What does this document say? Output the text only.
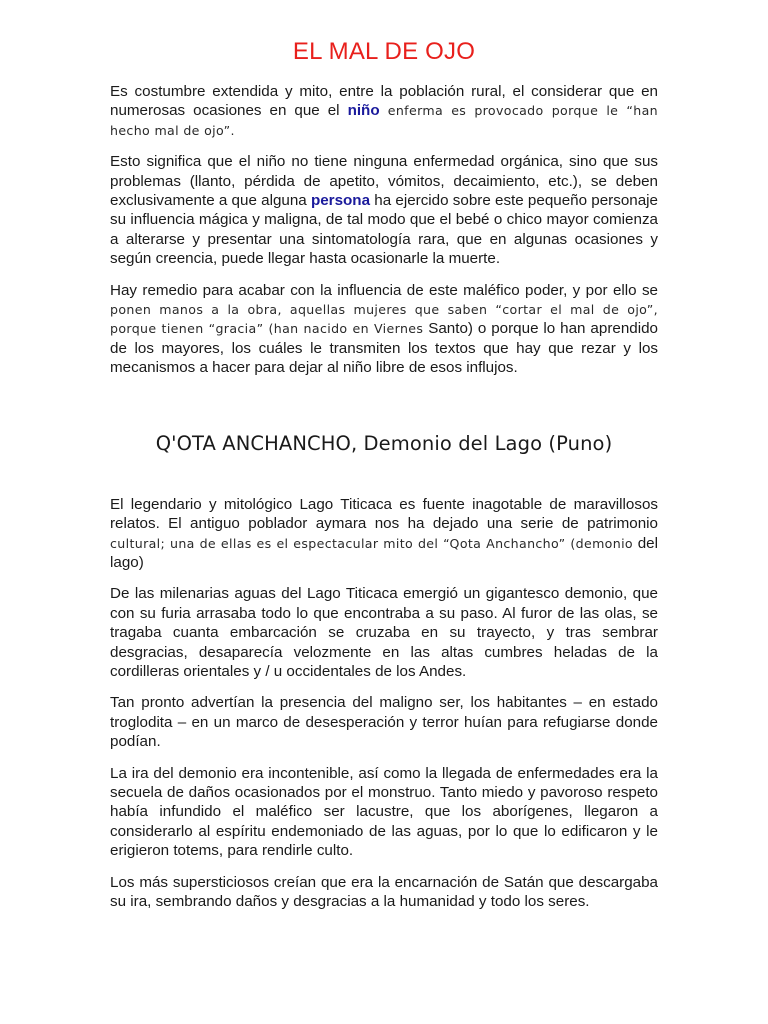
EL MAL DE OJO

Es costumbre extendida y mito, entre la población rural, el considerar que en numerosas ocasiones en que el niño enferma es provocado porque le “han hecho mal de ojo”.

Esto significa que el niño no tiene ninguna enfermedad orgánica, sino que sus problemas (llanto, pérdida de apetito, vómitos, decaimiento, etc.), se deben exclusivamente a que alguna persona ha ejercido sobre este pequeño personaje su influencia mágica y maligna, de tal modo que el bebé o chico mayor comienza a alterarse y presentar una sintomatología rara, que en algunas ocasiones y según creencia, puede llegar hasta ocasionarle la muerte.

Hay remedio para acabar con la influencia de este maléfico poder, y por ello se ponen manos a la obra, aquellas mujeres que saben “cortar el mal de ojo”, porque tienen “gracia” (han nacido en Viernes Santo) o porque lo han aprendido de los mayores, los cuáles le transmiten los textos que hay que rezar y los mecanismos a hacer para dejar al niño libre de esos influjos.

Q'OTA ANCHANCHO, Demonio del Lago (Puno)

El legendario y mitológico Lago Titicaca es fuente inagotable de maravillosos relatos. El antiguo poblador aymara nos ha dejado una serie de patrimonio cultural; una de ellas es el espectacular mito del “Qota Anchancho” (demonio del lago)

De las milenarias aguas del Lago Titicaca emergió un gigantesco demonio, que con su furia arrasaba todo lo que encontraba a su paso. Al furor de las olas, se tragaba cuanta embarcación se cruzaba en su trayecto, y tras sembrar desgracias, desaparecía velozmente en las altas cumbres heladas de la cordilleras orientales y / u occidentales de los Andes.

Tan pronto advertían la presencia del maligno ser, los habitantes – en estado troglodita – en un marco de desesperación y terror huían para refugiarse donde podían.

La ira del demonio era incontenible, así como la llegada de enfermedades era la secuela de daños ocasionados por el monstruo. Tanto miedo y pavoroso respeto había infundido el maléfico ser lacustre, que los aborígenes, llegaron a considerarlo al espíritu endemoniado de las aguas, por lo que lo edificaron y le erigieron totems, para rendirle culto.

Los más supersticiosos creían que era la encarnación de Satán que descargaba su ira, sembrando daños y desgracias a la humanidad y todo los seres.
